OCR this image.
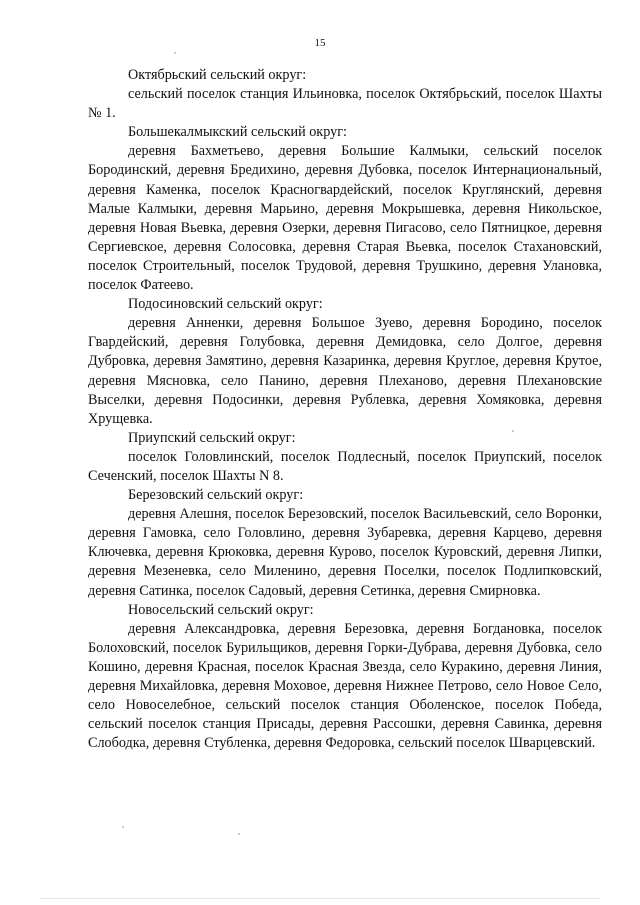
15

Октябрьский сельский округ:

сельский поселок станция Ильиновка, поселок Октябрьский, поселок Шахты № 1.

Большекалмыкский сельский округ:

деревня Бахметьево, деревня Большие Калмыки, сельский поселок Бородинский, деревня Бредихино, деревня Дубовка, поселок Интернациональный, деревня Каменка, поселок Красногвардейский, поселок Круглянский, деревня Малые Калмыки, деревня Марьино, деревня Мокрышевка, деревня Никольское, деревня Новая Вьевка, деревня Озерки, деревня Пигасово, село Пятницкое, деревня Сергиевское, деревня Солосовка, деревня Старая Вьевка, поселок Стахановский, поселок Строительный, поселок Трудовой, деревня Трушкино, деревня Улановка, поселок Фатеево.

Подосиновский сельский округ:

деревня Анненки, деревня Большое Зуево, деревня Бородино, поселок Гвардейский, деревня Голубовка, деревня Демидовка, село Долгое, деревня Дубровка, деревня Замятино, деревня Казаринка, деревня Круглое, деревня Крутое, деревня Мясновка, село Панино, деревня Плехановo, деревня Плехановские Выселки, деревня Подосинки, деревня Рублевка, деревня Хомяковка, деревня Хрущевка.

Приупский сельский округ:

поселок Головлинский, поселок Подлесный, поселок Приупский, поселок Сеченский, поселок Шахты N 8.

Березовский сельский округ:

деревня Алешня, поселок Березовский, поселок Васильевский, село Воронки, деревня Гамовка, село Головлино, деревня Зубаревка, деревня Карцево, деревня Ключевка, деревня Крюковка, деревня Курово, поселок Куровский, деревня Липки, деревня Мезеневка, село Миленино, деревня Поселки, поселок Подлипковский, деревня Сатинка, поселок Садовый, деревня Сетинка, деревня Смирновка.

Новосельский сельский округ:

деревня Александровка, деревня Березовка, деревня Богдановка, поселок Болоховский, поселок Бурильщиков, деревня Горки-Дубрава, деревня Дубовка, село Кошино, деревня Красная, поселок Красная Звезда, село Куракино, деревня Линия, деревня Михайловка, деревня Моховое, деревня Нижнее Петрово, село Новое Село, село Новоселебное, сельский поселок станция Оболенское, поселок Победа, сельский поселок станция Присады, деревня Рассошки, деревня Савинка, деревня Слободка, деревня Стубленка, деревня Федоровка, сельский поселок Шварцевский.
